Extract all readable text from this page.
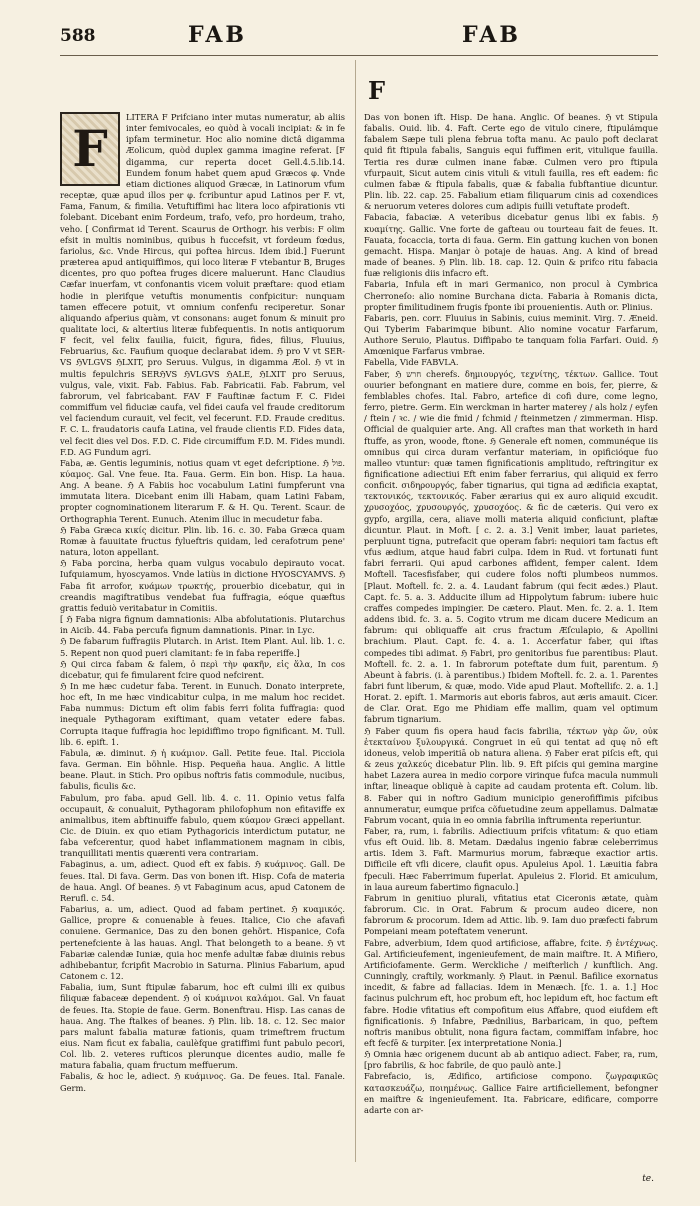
588	FAB	FAB
F
F

LITERA F Prifciano inter mutas numeratur, ab aliis inter femivocales, eo quòd à vocali incipiat: & in fe ipfam terminetur. Hoc alio nomine dictâ digamma Æolicum, quòd duplex gamma imagine referat. [F digamma, cur reperta docet Gell.4.5.lib.14. Eundem fonum habet quem apud Græcos φ. Vnde etiam dictiones aliquod Græcæ, in Latinorum vfum receptæ, quæ apud illos per φ. fcribuntur apud Latinos per F. vt, Fama, Fanum, & fimilia. Vetuftiffimi hac litera loco afpirationis vti folebant. Dicebant enim Fordeum, trafo, vefo, pro hordeum, traho, veho. [ Confirmat id Terent. Scaurus de Orthogr. his verbis: F olim efsit in multis nominibus, quibus h fuccefsit, vt fordeum fœdus, fariolus, &c. Vnde Hircus, qui poftea hircus. Idem ibid.] Fuerunt præterea apud antiquiffimos, qui loco literæ F vtebantur B, Bruges dicentes, pro quo poftea fruges dicere maluerunt. Hanc Claudius Cæfar inuerfam, vt confonantis vicem voluit præftare: quod etiam hodie in plerifque vetuftis monumentis confpicitur: nunquam tamen effecere potuit, vt omnium confenfu reciperetur. Sonar aliquando afperius quàm, vt consonans: auget fonum & minuit pro qualitate loci, & altertius literæ fubfequentis. In notis antiquorum F fecit, vel felix fauilia, fuicit, figura, fides, filius, Fluuius, Februarius, &c. Faufium quoque declarabat idem. ℌ pro V vt SER-VS ℌVLGVS ℌLXIT, pro Seruus. Vulgus, in digamma Æol. ℌ vt in multis fepulchris SERℌVS ℌVLGVS ℌALE, ℌLXIT pro Seruus, vulgus, vale, vixit. Fab. Fabius. Fab. Fabricatii. Fab. Fabrum, vel fabrorum, vel fabricabant. FAV F Fauftinæ factum F. C. Fidei commiffum vel fiduciæ caufa, vel fidei caufa vel fraude creditorum vel faciendum curauit, vel fecit, vel fecerunt. F.D. Fraude creditus. F. C. L. fraudatoris caufa Latina, vel fraude clientis F.D. Fides data, vel fecit dies vel Dos. F.D. C. Fide circumiffum F.D. M. Fides mundi. F.D. AG Fundum agri.

Faba, æ. Gentis leguminis, notius quam vt eget defcriptione. ℌ פול. κύαμος. Gal. Vne feue. Ita. Faua. Germ. Ein bon. Hisp. La haua. Ang. A beane. ℌ A Fabiis hoc vocabulum Latini fumpferunt vna immutata litera. Dicebant enim illi Habam, quam Latini Fabam, propter cognominationem literarum F. & H. Qu. Terent. Scaur. de Orthographia Terent. Eunuch. Atenim illuc in mecudetur faba.

ℌ Faba Græca κικίς dicitur. Plin. lib. 16. c. 30. Faba Græca quam Romæ à fauuitate fructus fylueftris quidam, led cerafotrum pene' natura, loton appellant.

ℌ Faba porcina, herba quam vulgus vocabulo depirauto vocat. Iufquiamum, hyoscyamos. Vnde latiùs in dictione HYOSCYAMVS. ℌ Faba fit arrofor, κυάμων τρωκτής, prouerbio dicebatur, qui in creandis magiftratibus vendebat fua fuffragia, eóque quæftus grattis feduiò veritabatur in Comitiis.

[ ℌ Faba nigra fignum damnationis: Alba abfolutationis. Plutarchus in Aicib. 44. Faba percufa fignum damnationis. Pinar. in Lyc.

ℌ De fabarum fuffragiis Plutarch. in Arist. Item Plant. Aul. lib. 1. c. 5. Repent non quod pueri clamitant: fe in faba reperiffe.]

ℌ Qui circa fabam & falem, ὁ περὶ τὴν φακῆν, εἰς ἅλα, In cos dicebatur, qui fe fimularent fcire quod nefcirent.

ℌ In me hæc cudetur faba. Terent. in Eunuch. Donato interprete, hoc eft, In me hæc vindicabitur culpa, in me malum hoc recidet. Faba nummus: Dictum eft olim fabis ferri folita fuffragia: quod inequale Pythagoram exiftimant, quam vetater edere fabas. Corrupta itaque fuffragia hoc lepidiffimo tropo fignificant. M. Tull. lib. 6. epift. 1.

Fabula, æ. diminut. ℌ ἡ κυάμιον. Gall. Petite feue. Ital. Picciola fava. German. Ein böhnle. Hisp. Pequeña haua. Anglic. A little beane. Plaut. in Stich. Pro opibus noftris fatis commodule, nucibus, fabulis, ficulis &c.

Fabulum, pro faba. apud Gell. lib. 4. c. 11. Opinio vetus falfa occupauit, & conualuit, Pythagoram philofophum non efitaviffe ex animalibus, item abftinuiffe fabulo, quem κύαμον Græci appellant. Cic. de Diuin. ex quo etiam Pythagoricis interdictum putatur, ne faba vefcerentur, quod habet inflammationem magnam in cibis, tranquillitati mentis quærenti vera contrariam.

Fabaginus, a. um, adiect. Quod eft ex fabis. ℌ κυάμινος. Gall. De feues. Ital. Di fava. Germ. Das von bonen ift. Hisp. Cofa de materia de haua. Angl. Of beanes. ℌ vt Fabaginum acus, apud Catonem de Rerufl. c. 54.

Fabarius, a. um, adiect. Quod ad fabam pertinet. ℌ κυαμικός. Gallice, propre & conuenable à feues. Italice, Cio che afavafi conuiene. Germanice, Das zu den bonen gehört. Hispanice, Cofa pertenefciente à las hauas. Angl. That belongeth to a beane. ℌ vt Fabariæ calendæ Iuniæ, quia hoc menfe adultæ fabæ diuinis rebus adhibebantur, fcripfit Macrobio in Saturna. Plinius Fabarium, apud Catonem c. 12.

Fabalia, ium, Sunt ftipulæ fabarum, hoc eft culmi illi ex quibus filiquæ fabaceæ dependent. ℌ οἱ κυάμινοι καλάμοι. Gal. Vn fauat de feues. Ita. Stopie de faue. Germ. Bonenftrau. Hisp. Las canas de haua. Ang. The ftalkes of beanes. ℌ Plin. lib. 18. c. 12. Sec maior pars malunt fabalia maturæ fationis, quam trimeftrem fructum eius. Nam ficut ex fabalia, caulèfque gratiffimi funt pabulo pecori, Col. lib. 2. veteres rufticos plerunque dicentes audio, malle fe matura fabalia, quam fructum meffuerum.

Fabalis, & hoc le, adiect. ℌ κυάμινος. Ga. De feues. Ital. Fanale. Germ.

Das von bonen ift. Hisp. De hana. Anglic. Of beanes. ℌ vt Stipula fabalis. Ouid. lib. 4. Faft. Certe ego de vitulo cinere, ftipulámque fabalem Sæpe tuli plena februa tofta manu. Ac paulo poft declarat quid fit ftipula fabalis, Sanguis equi fuffimen erit, vitulique fauilla. Tertia res duræ culmen inane fabæ. Culmen vero pro ftipula vfurpauit, Sicut autem cinis vituli & vituli fauilla, res eft eadem: fic culmen fabæ & ftipula fabalis, quæ & fabalia fubftantiue dicuntur. Plin. lib. 22. cap. 25. Fabalium etiam filiquarum cinis ad coxendices & neruorum veteres dolores cum adipis fuilli vetuftate prodeft.

Fabacia, fabaciæ. A veteribus dicebatur genus libi ex fabis. ℌ κυαμίτης. Gallic. Vne forte de gafteau ou tourteau fait de feues. It. Fauata, focaccia, torta di faua. Germ. Ein gattung kuchen von bonen gemacht. Hispa. Manjar ò potaje de hauas. Ang. A kind of bread made of beanes. ℌ Plin. lib. 18. cap. 12. Quin & prifco ritu fabacia fuæ religionis diis infacro eft.

Fabaria, Infula eft in mari Germanico, non procul à Cymbrica Cherroneſo: alio nomine Burchana dicta. Fabaria à Romanis dicta, propter fimilitudinem frugis fponte ibi prouenientis. Auth or. Plinius.

Fabaris, pen. corr. Fluuius in Sabinis, cuius meminit. Virg. 7. Æneid. Qui Tyberim Fabarimque bibunt. Alio nomine vocatur Farfarum, Authore Seruio, Plautus. Diffipabo te tanquam folia Farfari. Ouid. ℌ Amœnique Farfarus vmbrae.

Fabella, Vide FABVLA.

Faber, ℌ חרש cherefs. δημιουργός, τεχνίτης, τέκτων. Gallice. Tout ouurier befongnant en matiere dure, comme en bois, fer, pierre, & femblables chofes. Ital. Fabro, artefice di cofi dure, come legno, ferro, pietre. Germ. Ein werckman in harter materey / als holz / eyfen / ftein / ꝛc. / wie die fmid / fchmid / fteinmetzen / zimmerman. Hisp. Official de qualquier arte. Ang. All craftes man that worketh in hard ftuffe, as yron, woode, ftone. ℌ Generale eft nomen, communéque iis omnibus qui circa duram verfantur materiam, in opificióque fuo malleo vtuntur: quæ tamen fignificationis amplitudo, reftringitur ex fignificatione adiectiui Eft enim faber ferrarius, qui aliquid ex ferro conficit. σιδηρουργός, faber tignarius, qui tigna ad ædificia exaptat, τεκτονικός, τεκτονικός. Faber ærarius qui ex auro aliquid excudit. χρυσοχόος, χρυσουργός, χρυσοχόος. & fic de cæteris. Qui vero ex gypfo, argilla, cera, aliave molli materia aliquid conficiunt, plaftæ dicuntur. Plaut. in Moft. [ c. 2. a. 3.] Venit imber, lauat parietes, perpluunt tigna, putrefacit que operam fabri: nequiori tam factus eft vfus ædium, atque haud fabri culpa. Idem in Rud. vt fortunati funt fabri ferrarii. Qui apud carbones affident, femper calent. Idem Moftell. Tacesfisfaber, qui cudere folos nofti plumbeos nummos. [Plaut. Moftell. fc. 2. a. 4. Laudant fabrum (qui fecit ædes.) Plaut. Capt. fc. 5. a. 3. Adducite illum ad Hippolytum fabrum: iubere huic craffes compedes impingier. De cætero. Plaut. Men. fc. 2. a. 1. Item addens ibid. fc. 3. a. 5. Cogito vtrum me dicam ducere Medicum an fabrum: qui obliquaffe ait crus fractum Æſculapio, & Apollini brachium. Plaut. Capt. fc. 4. a. 1. Accerfatur faber, qui iftas compedes tibi adimat. ℌ Fabri, pro genitoribus fue parentibus: Plaut. Moftell. fc. 2. a. 1. In fabrorum poteftate dum fuit, parentum. ℌ Abeunt à fabris. (i. à parentibus.) Ibidem Moftell. fc. 2. a. 1. Parentes fabri funt liberum, & quæ, modo. Vide apud Plaut. Moftellifc. 2. a. 1.] Horat. 2. epift. 1. Marmoris aut eboris fabros, aut æris amauit. Cicer. de Clar. Orat. Ego me Phidiam effe mallim, quam vel optimum fabrum tignarium.

ℌ Faber quum fis opera haud facis fabrilia, τέκτων γὰρ ὤν, οὐκ ἐτεκταίνου ξυλουργικά. Congruet in eū qui tentat ad quę nō eft idoneus, velob imperitiā ob natura aliena. ℌ Faber erat piſcis eft, qui & zeus χαλκεύς dicebatur Plin. lib. 9. Eft piſcis qui gemina margine habet Lazera aurea in medio corpore virinque fufca macula nummuli inftar, lineaque obliquè à capite ad caudam protenta eft. Colum. lib. 8. Faber qui in noftro Gadium municipio generofiffimis pifcibus annumeratur, eumque prifca cõfuetudine zeum appellamus. Dalmatæ Fabrum vocant, quia in eo omnia fabrilia inftrumenta reperiuntur.

Faber, ra, rum, i. fabrilis. Adiectiuum prifcis vfitatum: & quo etiam vfus eft Ouid. lib. 8. Metam. Dædalus ingenio fabræ celeberrimus artis. Idem 3. Faft. Marmurius morum, fabræque exactior artis. Difficile eft vfli dicere, claufit opus. Apuleius Apol. 1. Læuitia fabra fpeculi. Hæc Faberrimum fuperlat. Apuleius 2. Florid. Et amiculum, in laua aureum fabertimo fignaculo.]

Fabrum in genitiuo plurali, vfitatius etat Ciceronis ætate, quàm fabrorum. Cic. in Orat. Fabrum & procum audeo dicere, non fabrorum & procorum. Idem ad Attic. lib. 9. Iam duo præfecti fabrum Pompeiani meam poteftatem venerunt.

Fabre, adverbium, Idem quod artificiose, affabre, fcite. ℌ ἐντέχνως. Gal. Artificieufement, ingenieufement, de main maiftre. It. A Mifiero, Artificiofamente. Germ. Werckliche / meifterlich / kunftlich. Ang. Cunningly, craftily, workmanly. ℌ Plaut. in Pænul. Bafilice exornatus incedit, & fabre ad fallacias. Idem in Menæch. [fc. 1. a. 1.] Hoc facinus pulchrum eft, hoc probum eft, hoc lepidum eft, hoc factum eft fabre. Hodie vfitatius eft compofitum eius Affabre, quod eiufdem eft fignificationis. ℌ Infabre, Pædnilius, Barbaricam, in quo, peftem noftris manibus obtulit, nona figura factam, commiffam infabre, hoc eft fecfē & turpiter. [ex interpretatione Nonia.]

ℌ Omnia hæc origenem ducunt ab ab antiquo adiect. Faber, ra, rum, [pro fabrilis, & hoc fabrile, de quo paulò ante.]

Fabrefacio, is, Ædifico, artificiose compono. ζωγραφικῶς κατασκευάζω, ποιημένως. Gallice Faire artificiellement, befongner en maiftre & ingenieufement. Ita. Fabricare, edificare, comporre adarte con ar-

te.
